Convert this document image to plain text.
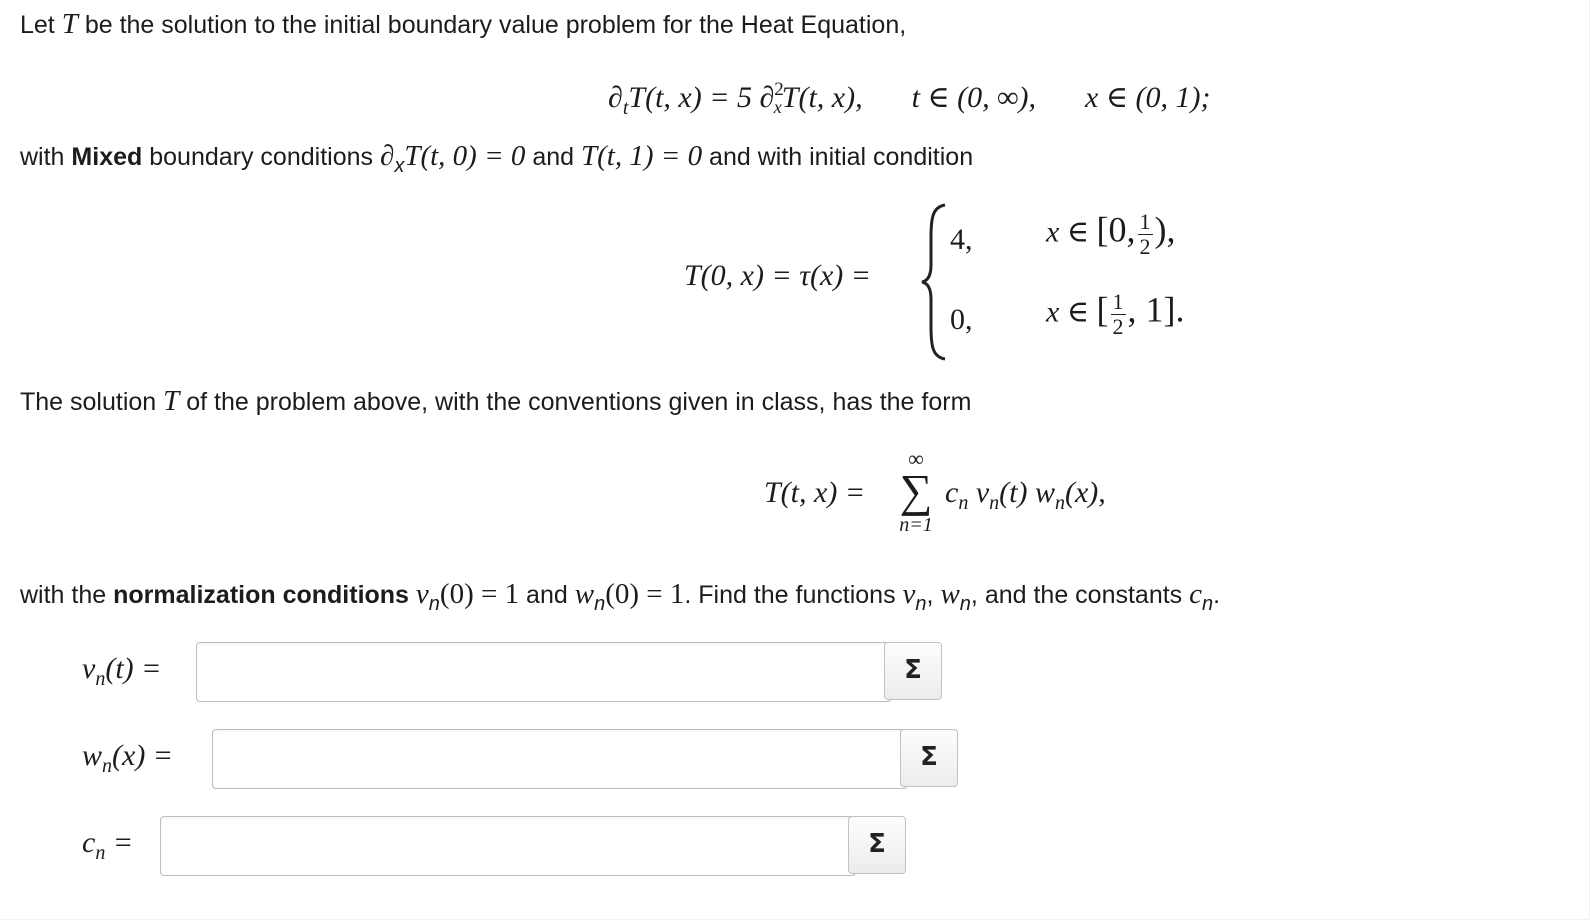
Let T be the solution to the initial boundary value problem for the Heat Equation,
$\partial_tT(t$, x) = 5 ∂$^2_x$T(t, x), t ∈ (0, ∞), x ∈ (0, 1);
with Mixed boundary conditions $\partial_xT(t$, 0) = 0 and T(t, 1) = 0 and with initial condition
T(0, x) = τ(x) =
4, x ∈ [0, $\frac{1}{2}$ ),
0, x ∈ [ $\frac{1}{2}$ , 1].
The solution T of the problem above, with the conventions given in class, has the form
T(t, x) =
∞
∑
n=1
$c_n$ $v_n(t)$ $w_n(x)$,
with the normalization conditions $v_n(0) = 1$ and $w_n(0) = 1$. Find the functions $v_n$, $w_n$, and the constants $c_n$.
$v_n(t)$ =	Σ
$w_n(x)$ =	Σ
$c_n$ =	Σ
